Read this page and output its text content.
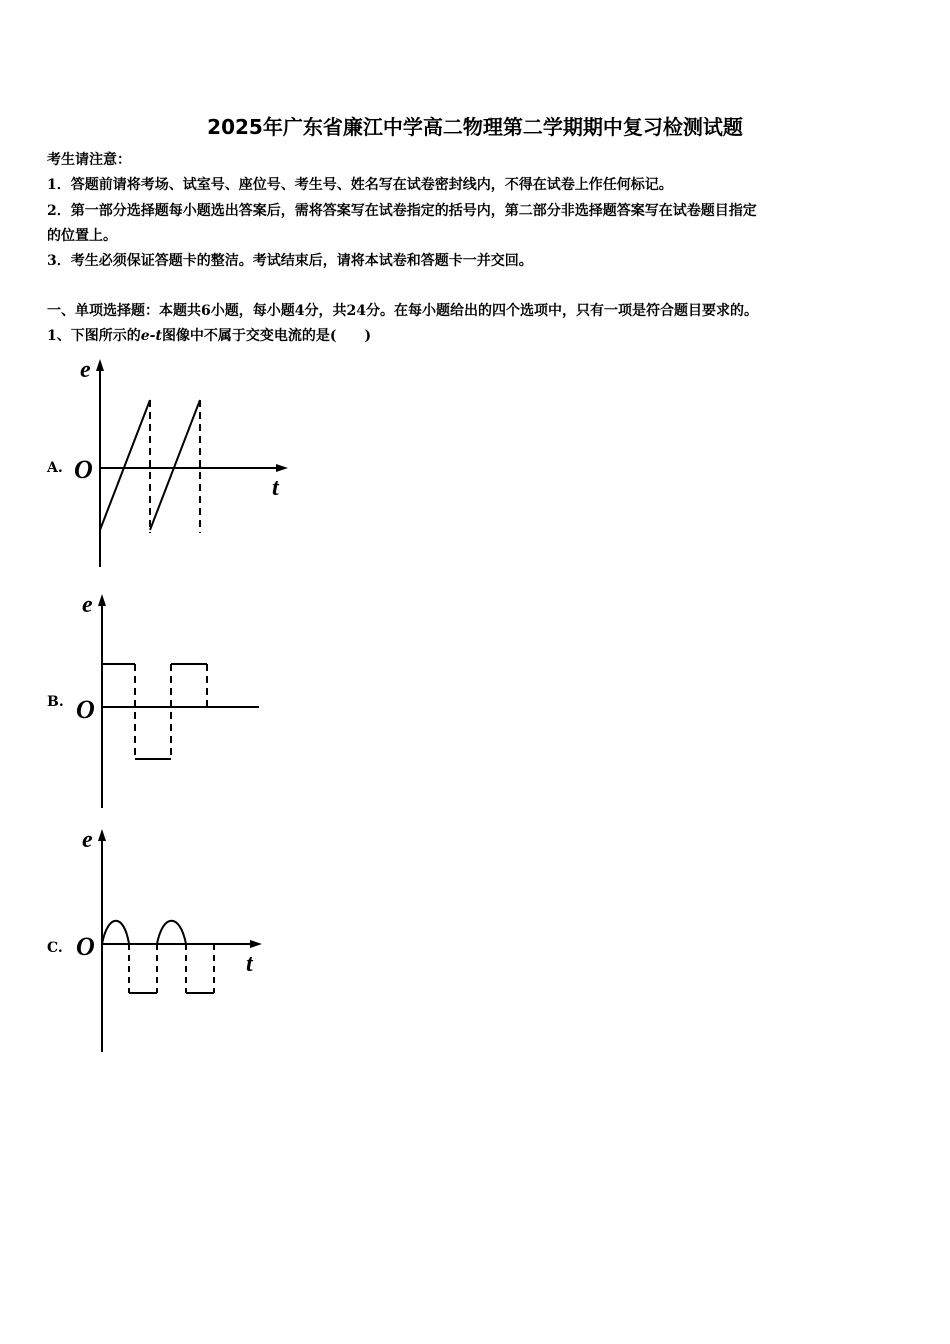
2025年广东省廉江中学高二物理第二学期期中复习检测试题
考生请注意：
1．答题前请将考场、试室号、座位号、考生号、姓名写在试卷密封线内，不得在试卷上作任何标记。
2．第一部分选择题每小题选出答案后，需将答案写在试卷指定的括号内，第二部分非选择题答案写在试卷题目指定
的位置上。
3．考生必须保证答题卡的整洁。考试结束后，请将本试卷和答题卡一并交回。
一、单项选择题：本题共6小题，每小题4分，共24分。在每小题给出的四个选项中，只有一项是符合题目要求的。
1、下图所示的e-t图像中不属于交变电流的是(　　)
A.
e
O
t
B.
e
O
C.
e
O
t
